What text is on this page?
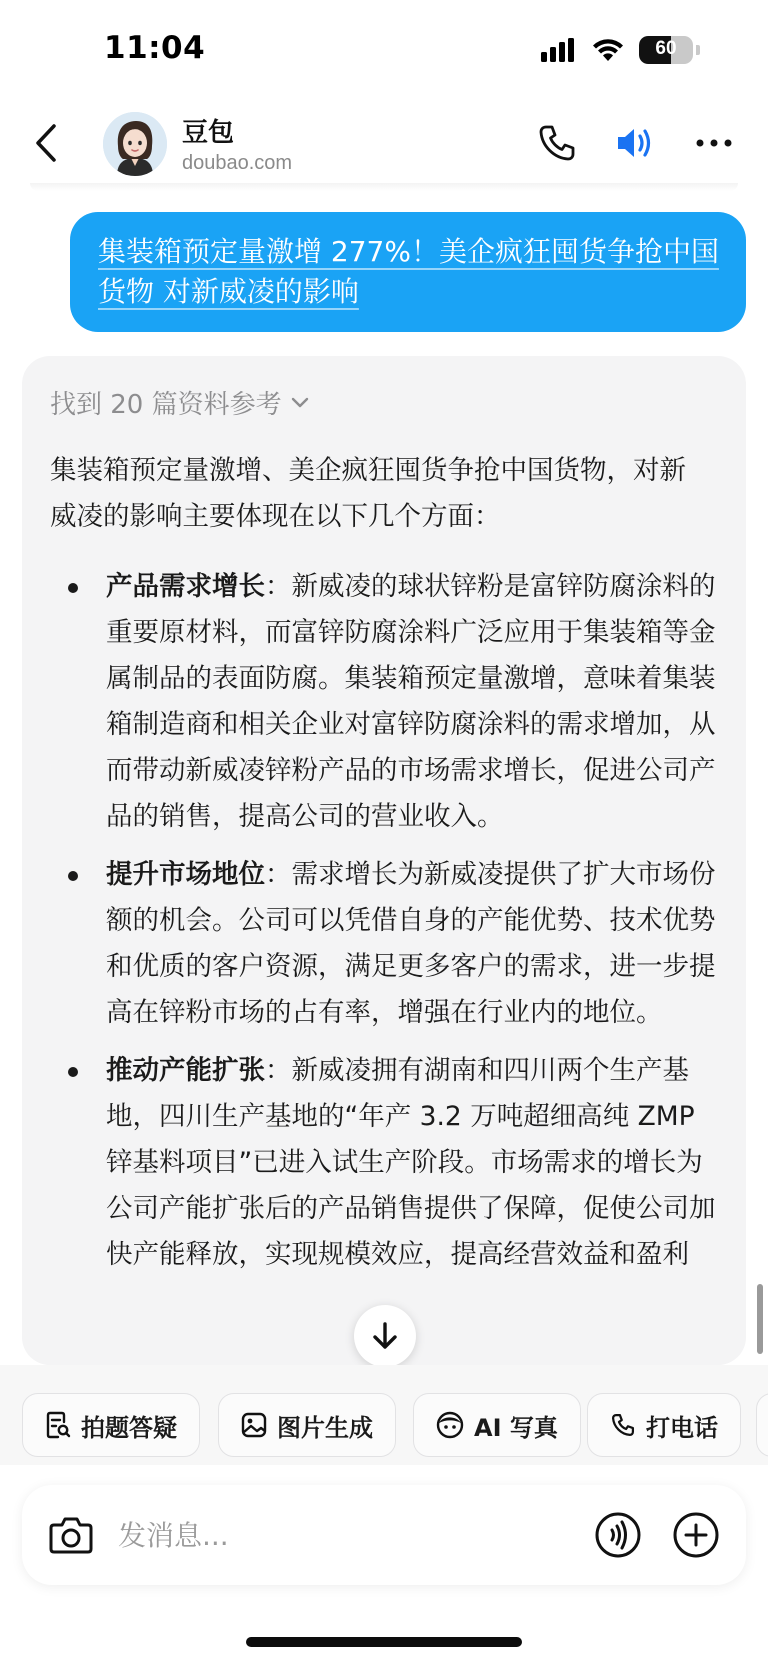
11:04	60
豆包
doubao.com
集装箱预定量激增 277%！美企疯狂囤货争抢中国货物 对新威凌的影响
找到 20 篇资料参考
集装箱预定量激增、美企疯狂囤货争抢中国货物，对新威凌的影响主要体现在以下几个方面：
产品需求增长：新威凌的球状锌粉是富锌防腐涂料的重要原材料，而富锌防腐涂料广泛应用于集装箱等金属制品的表面防腐。集装箱预定量激增，意味着集装箱制造商和相关企业对富锌防腐涂料的需求增加，从而带动新威凌锌粉产品的市场需求增长，促进公司产品的销售，提高公司的营业收入。
提升市场地位：需求增长为新威凌提供了扩大市场份额的机会。公司可以凭借自身的产能优势、技术优势和优质的客户资源，满足更多客户的需求，进一步提高在锌粉市场的占有率，增强在行业内的地位。
推动产能扩张：新威凌拥有湖南和四川两个生产基地，四川生产基地的“年产 3.2 万吨超细高纯 ZMP 锌基料项目”已进入试生产阶段。市场需求的增长为公司产能扩张后的产品销售提供了保障，促使公司加快产能释放，实现规模效应，提高经营效益和盈利
拍题答疑	图片生成	AI 写真	打电话
发消息...
